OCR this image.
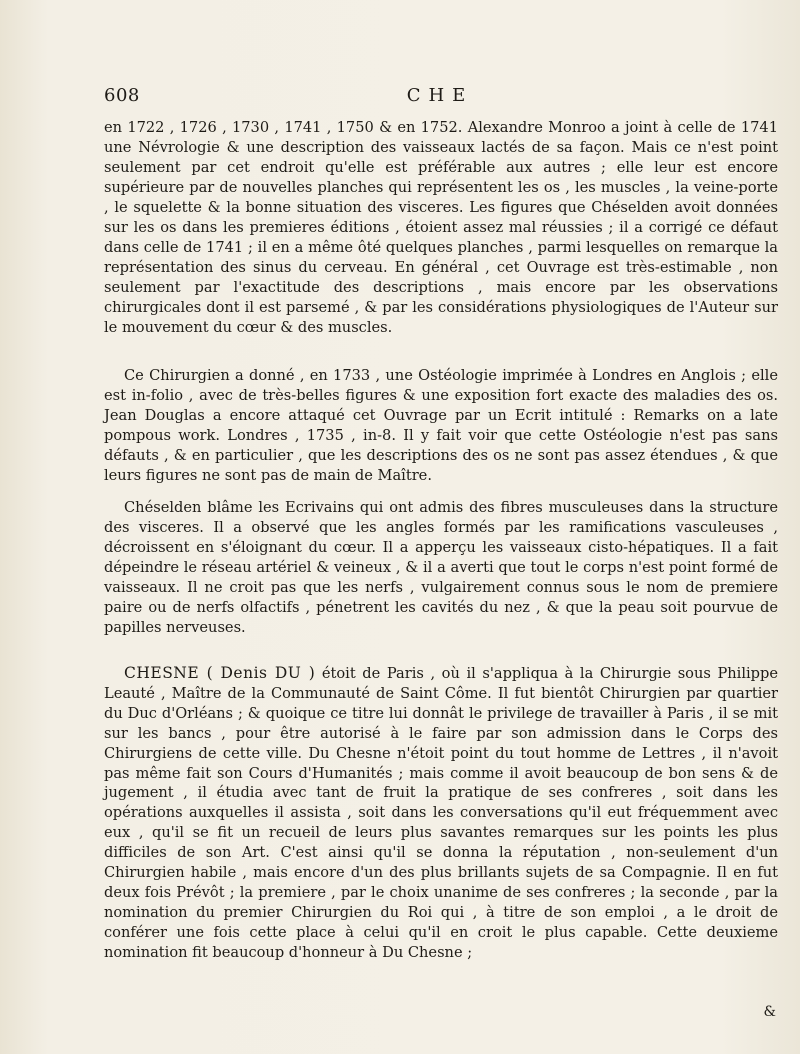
608	CHE
en 1722 , 1726 , 1730 , 1741 , 1750 & en 1752. Alexandre Monroo a joint à celle de 1741 une Névrologie & une description des vaisseaux lactés de sa façon. Mais ce n'est point seulement par cet endroit qu'elle est préférable aux autres ; elle leur est encore supérieure par de nouvelles planches qui représentent les os , les muscles , la veine-porte , le squelette & la bonne situation des visceres. Les figures que Chéselden avoit données sur les os dans les premieres éditions , étoient assez mal réussies ; il a corrigé ce défaut dans celle de 1741 ; il en a même ôté quelques planches , parmi lesquelles on remarque la représentation des sinus du cerveau. En général , cet Ouvrage est très-estimable , non seulement par l'exactitude des descriptions , mais encore par les observations chirurgicales dont il est parsemé , & par les considérations physiologiques de l'Auteur sur le mouvement du cœur & des muscles.
Ce Chirurgien a donné , en 1733 , une Ostéologie imprimée à Londres en Anglois ; elle est in-folio , avec de très-belles figures & une exposition fort exacte des maladies des os. Jean Douglas a encore attaqué cet Ouvrage par un Ecrit intitulé : Remarks on a late pompous work. Londres , 1735 , in-8. Il y fait voir que cette Ostéologie n'est pas sans défauts , & en particulier , que les descriptions des os ne sont pas assez étendues , & que leurs figures ne sont pas de main de Maître.
Chéselden blâme les Ecrivains qui ont admis des fibres musculeuses dans la structure des visceres. Il a observé que les angles formés par les ramifications vasculeuses , décroissent en s'éloignant du cœur. Il a apperçu les vaisseaux cisto-hépatiques. Il a fait dépeindre le réseau artériel & veineux , & il a averti que tout le corps n'est point formé de vaisseaux. Il ne croit pas que les nerfs , vulgairement connus sous le nom de premiere paire ou de nerfs olfactifs , pénetrent les cavités du nez , & que la peau soit pourvue de papilles nerveuses.
CHESNE ( Denis DU ) étoit de Paris , où il s'appliqua à la Chirurgie sous Philippe Leauté , Maître de la Communauté de Saint Côme. Il fut bientôt Chirurgien par quartier du Duc d'Orléans ; & quoique ce titre lui donnât le privilege de travailler à Paris , il se mit sur les bancs , pour être autorisé à le faire par son admission dans le Corps des Chirurgiens de cette ville. Du Chesne n'étoit point du tout homme de Lettres , il n'avoit pas même fait son Cours d'Humanités ; mais comme il avoit beaucoup de bon sens & de jugement , il étudia avec tant de fruit la pratique de ses confreres , soit dans les opérations auxquelles il assista , soit dans les conversations qu'il eut fréquemment avec eux , qu'il se fit un recueil de leurs plus savantes remarques sur les points les plus difficiles de son Art. C'est ainsi qu'il se donna la réputation , non-seulement d'un Chirurgien habile , mais encore d'un des plus brillants sujets de sa Compagnie. Il en fut deux fois Prévôt ; la premiere , par le choix unanime de ses confreres ; la seconde , par la nomination du premier Chirurgien du Roi qui , à titre de son emploi , a le droit de conférer une fois cette place à celui qu'il en croit le plus capable. Cette deuxieme nomination fit beaucoup d'honneur à Du Chesne ;
&
